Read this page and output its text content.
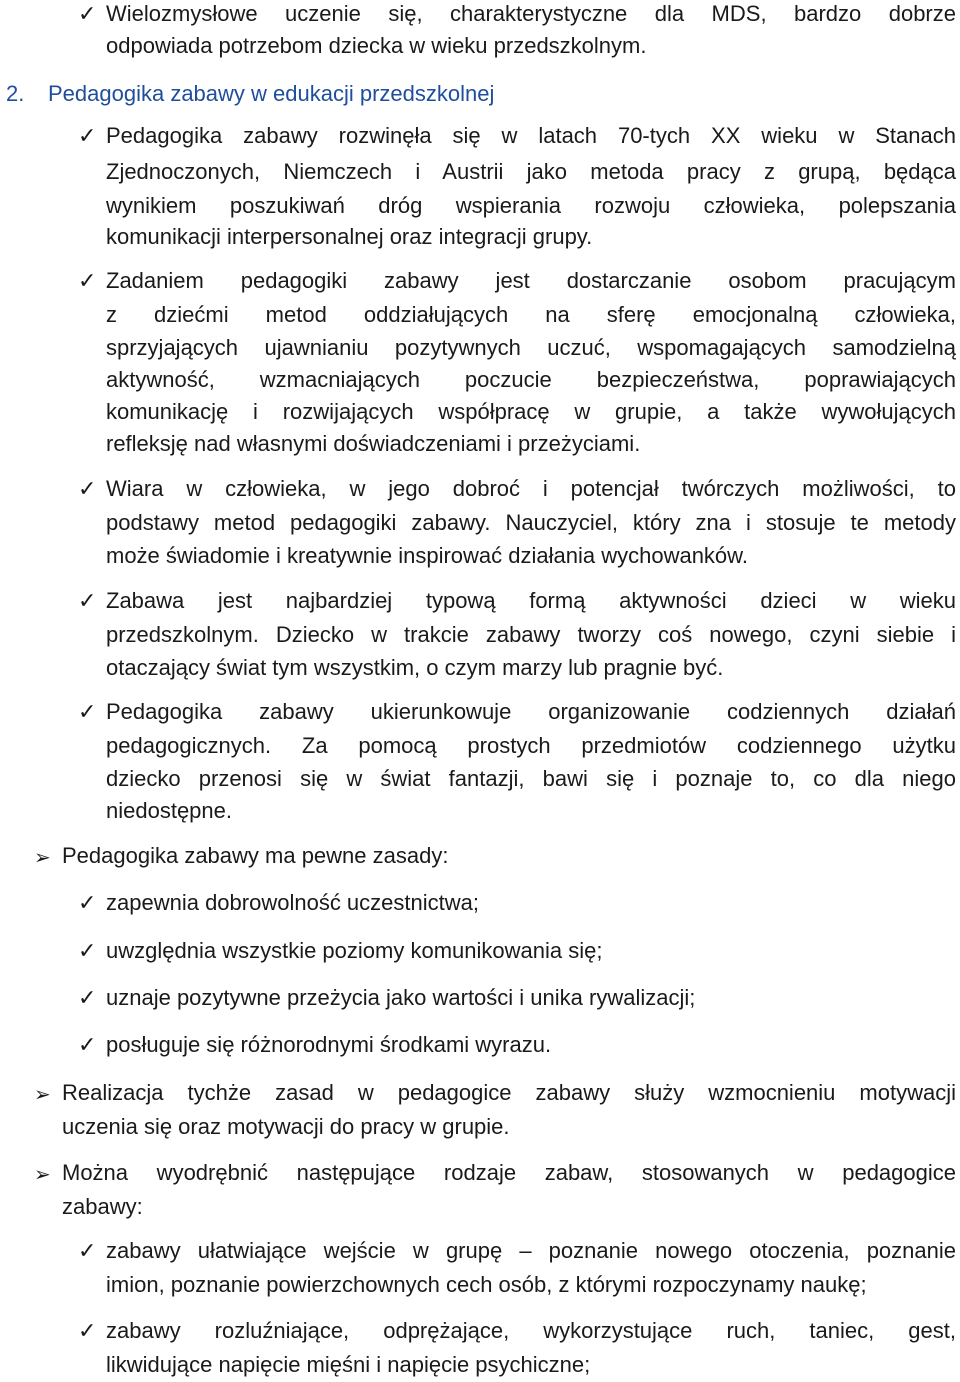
✓ Wielozmysłowe uczenie się, charakterystyczne dla MDS, bardzo dobrze
odpowiada potrzebom dziecka w wieku przedszkolnym.
2. Pedagogika zabawy w edukacji przedszkolnej
✓ Pedagogika zabawy rozwinęła się w latach 70-tych XX wieku w Stanach
Zjednoczonych, Niemczech i Austrii jako metoda pracy z grupą, będąca
wynikiem poszukiwań dróg wspierania rozwoju człowieka, polepszania
komunikacji interpersonalnej oraz integracji grupy.
✓ Zadaniem pedagogiki zabawy jest dostarczanie osobom pracującym
z dziećmi metod oddziałujących na sferę emocjonalną człowieka,
sprzyjających ujawnianiu pozytywnych uczuć, wspomagających samodzielną
aktywność, wzmacniających poczucie bezpieczeństwa, poprawiających
komunikację i rozwijających współpracę w grupie, a także wywołujących
refleksję nad własnymi doświadczeniami i przeżyciami.
✓ Wiara w człowieka, w jego dobroć i potencjał twórczych możliwości, to
podstawy metod pedagogiki zabawy. Nauczyciel, który zna i stosuje te metody
może świadomie i kreatywnie inspirować działania wychowanków.
✓ Zabawa jest najbardziej typową formą aktywności dzieci w wieku
przedszkolnym. Dziecko w trakcie zabawy tworzy coś nowego, czyni siebie i
otaczający świat tym wszystkim, o czym marzy lub pragnie być.
✓ Pedagogika zabawy ukierunkowuje organizowanie codziennych działań
pedagogicznych. Za pomocą prostych przedmiotów codziennego użytku
dziecko przenosi się w świat fantazji, bawi się i poznaje to, co dla niego
niedostępne.
➢ Pedagogika zabawy ma pewne zasady:
✓ zapewnia dobrowolność uczestnictwa;
✓ uwzględnia wszystkie poziomy komunikowania się;
✓ uznaje pozytywne przeżycia jako wartości i unika rywalizacji;
✓ posługuje się różnorodnymi środkami wyrazu.
➢ Realizacja tychże zasad w pedagogice zabawy służy wzmocnieniu motywacji
uczenia się oraz motywacji do pracy w grupie.
➢ Można wyodrębnić następujące rodzaje zabaw, stosowanych w pedagogice
zabawy:
✓ zabawy ułatwiające wejście w grupę – poznanie nowego otoczenia, poznanie
imion, poznanie powierzchownych cech osób, z którymi rozpoczynamy naukę;
✓ zabawy rozluźniające, odprężające, wykorzystujące ruch, taniec, gest,
likwidujące napięcie mięśni i napięcie psychiczne;
